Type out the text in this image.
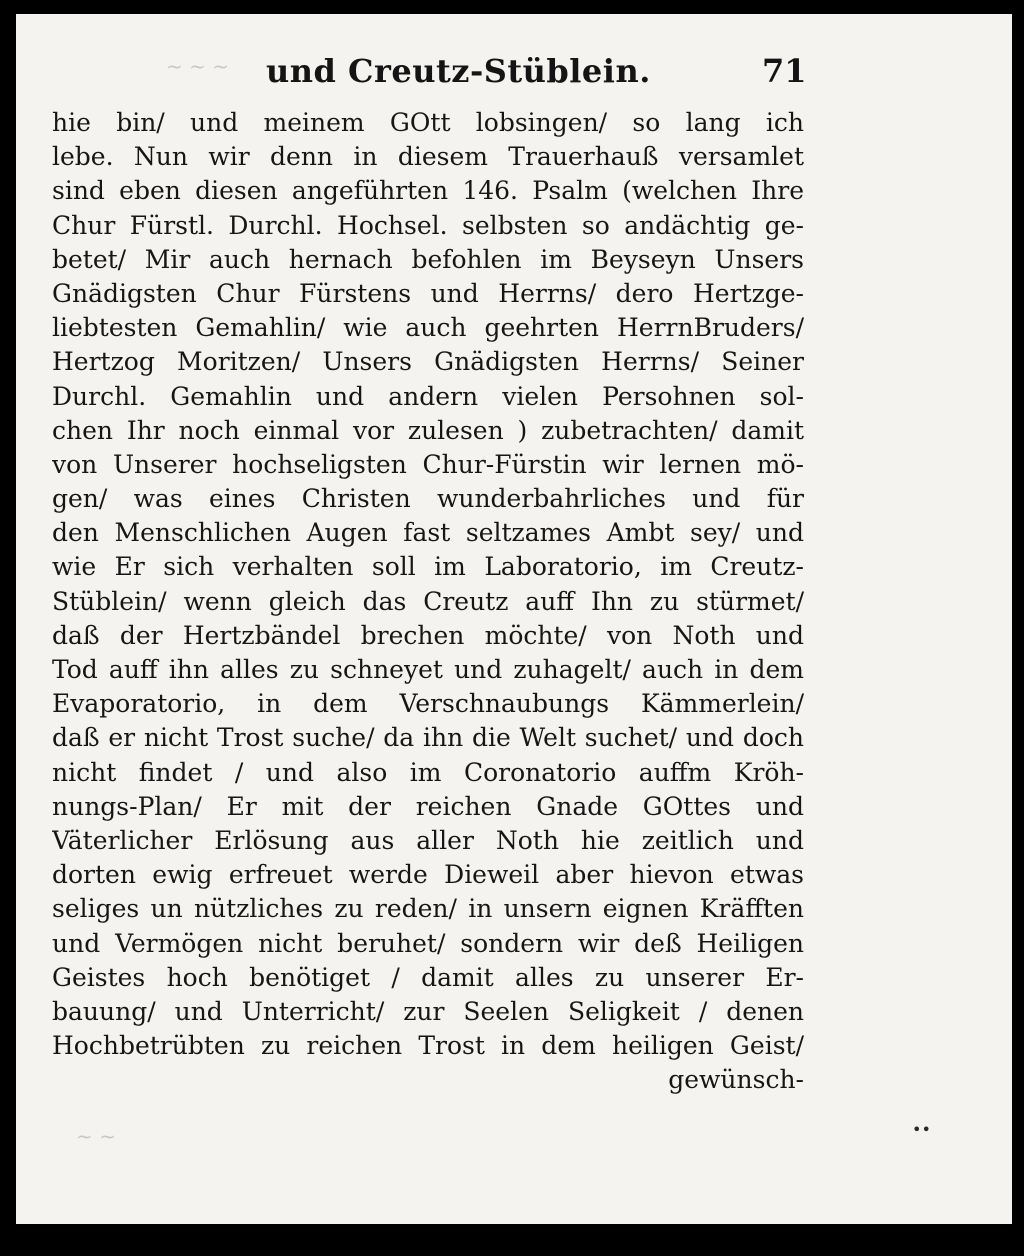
~ ~ ~ und Creutz-Stüblein.	71
hie bin/ und meinem GOtt lobsingen/ so lang ich
lebe. Nun wir denn in diesem Trauerhauß versamlet
sind eben diesen angeführten 146. Psalm (welchen Ihre
Chur Fürstl. Durchl. Hochsel. selbsten so andächtig ge-
betet/ Mir auch hernach befohlen im Beyseyn Unsers
Gnädigsten Chur Fürstens und Herrns/ dero Hertzge-
liebtesten Gemahlin/ wie auch geehrten HerrnBruders/
Hertzog Moritzen/ Unsers Gnädigsten Herrns/ Seiner
Durchl. Gemahlin und andern vielen Persohnen sol-
chen Ihr noch einmal vor zulesen ) zubetrachten/ damit
von Unserer hochseligsten Chur-Fürstin wir lernen mö-
gen/ was eines Christen wunderbahrliches und für
den Menschlichen Augen fast seltzames Ambt sey/ und
wie Er sich verhalten soll im Laboratorio, im Creutz-
Stüblein/ wenn gleich das Creutz auff Ihn zu stürmet/
daß der Hertzbändel brechen möchte/ von Noth und
Tod auff ihn alles zu schneyet und zuhagelt/ auch in dem
Evaporatorio, in dem Verschnaubungs Kämmerlein/
daß er nicht Trost suche/ da ihn die Welt suchet/ und doch
nicht findet / und also im Coronatorio auffm Kröh-
nungs-Plan/ Er mit der reichen Gnade GOttes und
Väterlicher Erlösung aus aller Noth hie zeitlich und
dorten ewig erfreuet werde Dieweil aber hievon etwas
seliges un nützliches zu reden/ in unsern eignen Kräfften
und Vermögen nicht beruhet/ sondern wir deß Heiligen
Geistes hoch benötiget / damit alles zu unserer Er-
bauung/ und Unterricht/ zur Seelen Seligkeit / denen
Hochbetrübten zu reichen Trost in dem heiligen Geist/
gewünsch-
~ ~	••
